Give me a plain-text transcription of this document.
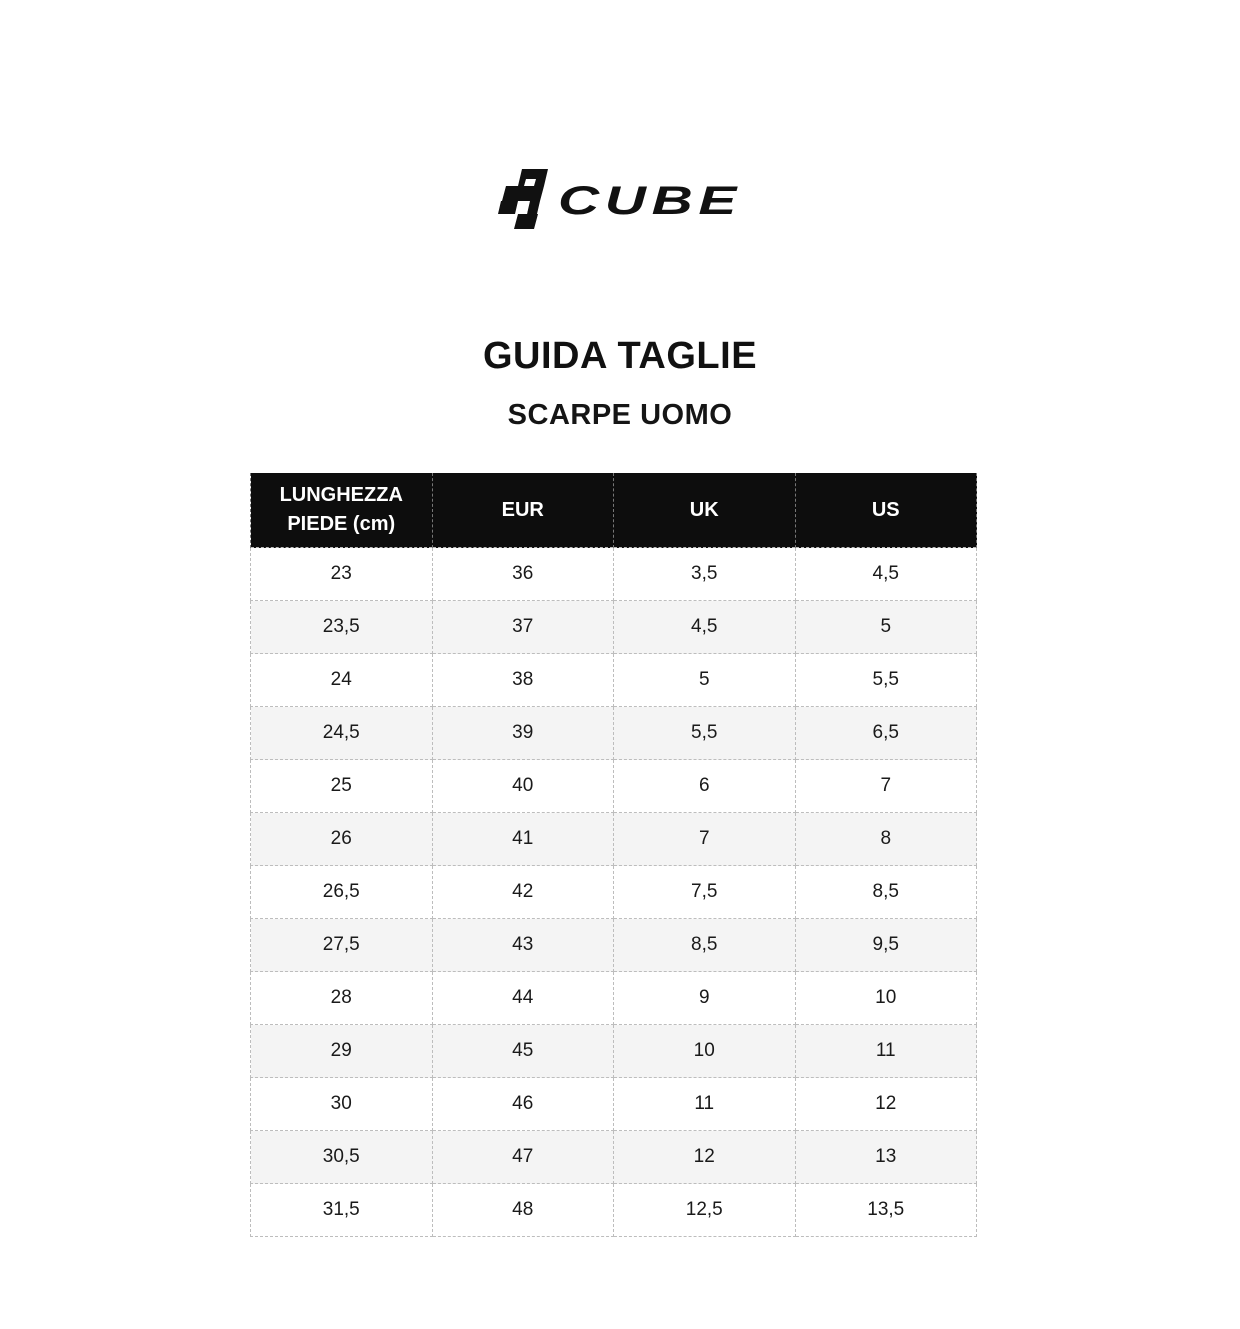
CUBE
GUIDA TAGLIE
SCARPE UOMO
LUNGHEZZA
PIEDE (cm)	EUR	UK	US
23	36	3,5	4,5
23,5	37	4,5	5
24	38	5	5,5
24,5	39	5,5	6,5
25	40	6	7
26	41	7	8
26,5	42	7,5	8,5
27,5	43	8,5	9,5
28	44	9	10
29	45	10	11
30	46	11	12
30,5	47	12	13
31,5	48	12,5	13,5
